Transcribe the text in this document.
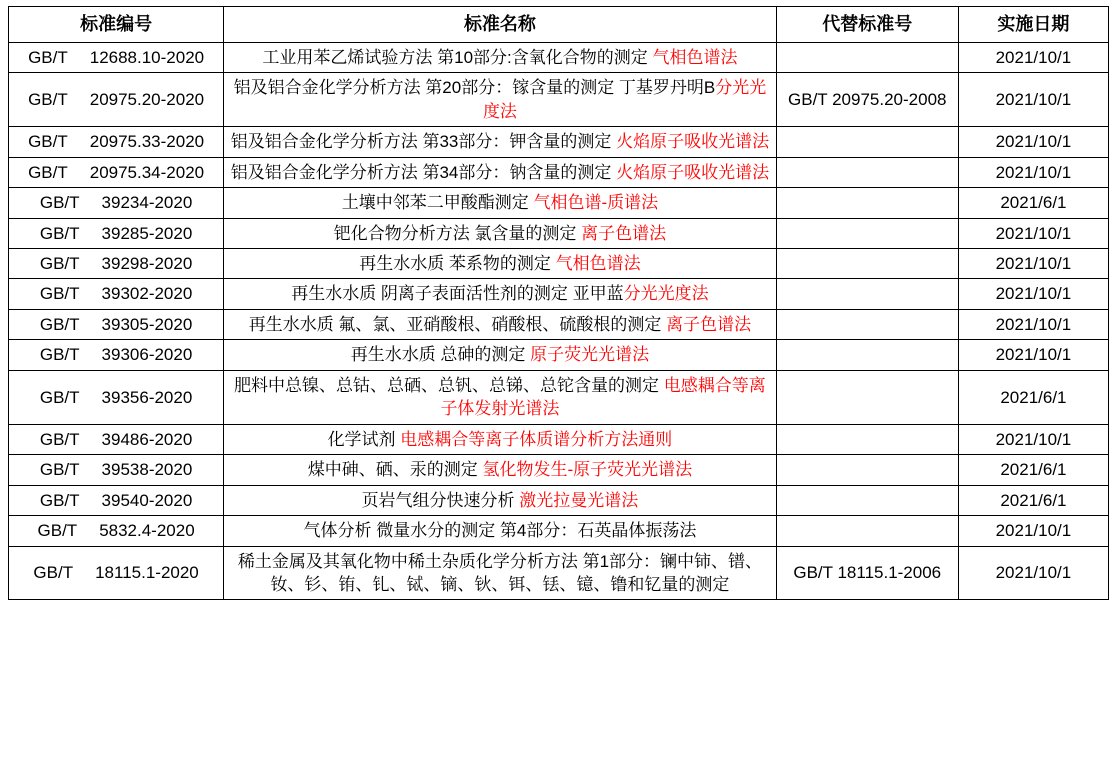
标准编号	标准名称	代替标准号	实施日期
GB/T 12688.10-2020	工业用苯乙烯试验方法 第10部分:含氧化合物的测定 气相色谱法		2021/10/1
GB/T 20975.20-2020	铝及铝合金化学分析方法 第20部分：镓含量的测定 丁基罗丹明B分光光度法	GB/T 20975.20-2008	2021/10/1
GB/T 20975.33-2020	铝及铝合金化学分析方法 第33部分：钾含量的测定 火焰原子吸收光谱法		2021/10/1
GB/T 20975.34-2020	铝及铝合金化学分析方法 第34部分：钠含量的测定 火焰原子吸收光谱法		2021/10/1
GB/T 39234-2020	土壤中邻苯二甲酸酯测定 气相色谱-质谱法		2021/6/1
GB/T 39285-2020	钯化合物分析方法 氯含量的测定 离子色谱法		2021/10/1
GB/T 39298-2020	再生水水质 苯系物的测定 气相色谱法		2021/10/1
GB/T 39302-2020	再生水水质 阴离子表面活性剂的测定 亚甲蓝分光光度法		2021/10/1
GB/T 39305-2020	再生水水质 氟、氯、亚硝酸根、硝酸根、硫酸根的测定 离子色谱法		2021/10/1
GB/T 39306-2020	再生水水质 总砷的测定 原子荧光光谱法		2021/10/1
GB/T 39356-2020	肥料中总镍、总钴、总硒、总钒、总锑、总铊含量的测定 电感耦合等离子体发射光谱法		2021/6/1
GB/T 39486-2020	化学试剂 电感耦合等离子体质谱分析方法通则		2021/10/1
GB/T 39538-2020	煤中砷、硒、汞的测定 氢化物发生-原子荧光光谱法		2021/6/1
GB/T 39540-2020	页岩气组分快速分析 激光拉曼光谱法		2021/6/1
GB/T 5832.4-2020	气体分析 微量水分的测定 第4部分：石英晶体振荡法		2021/10/1
GB/T 18115.1-2020	稀土金属及其氧化物中稀土杂质化学分析方法 第1部分：镧中铈、镨、钕、钐、铕、钆、铽、镝、钬、铒、铥、镱、镥和钇量的测定	GB/T 18115.1-2006	2021/10/1
